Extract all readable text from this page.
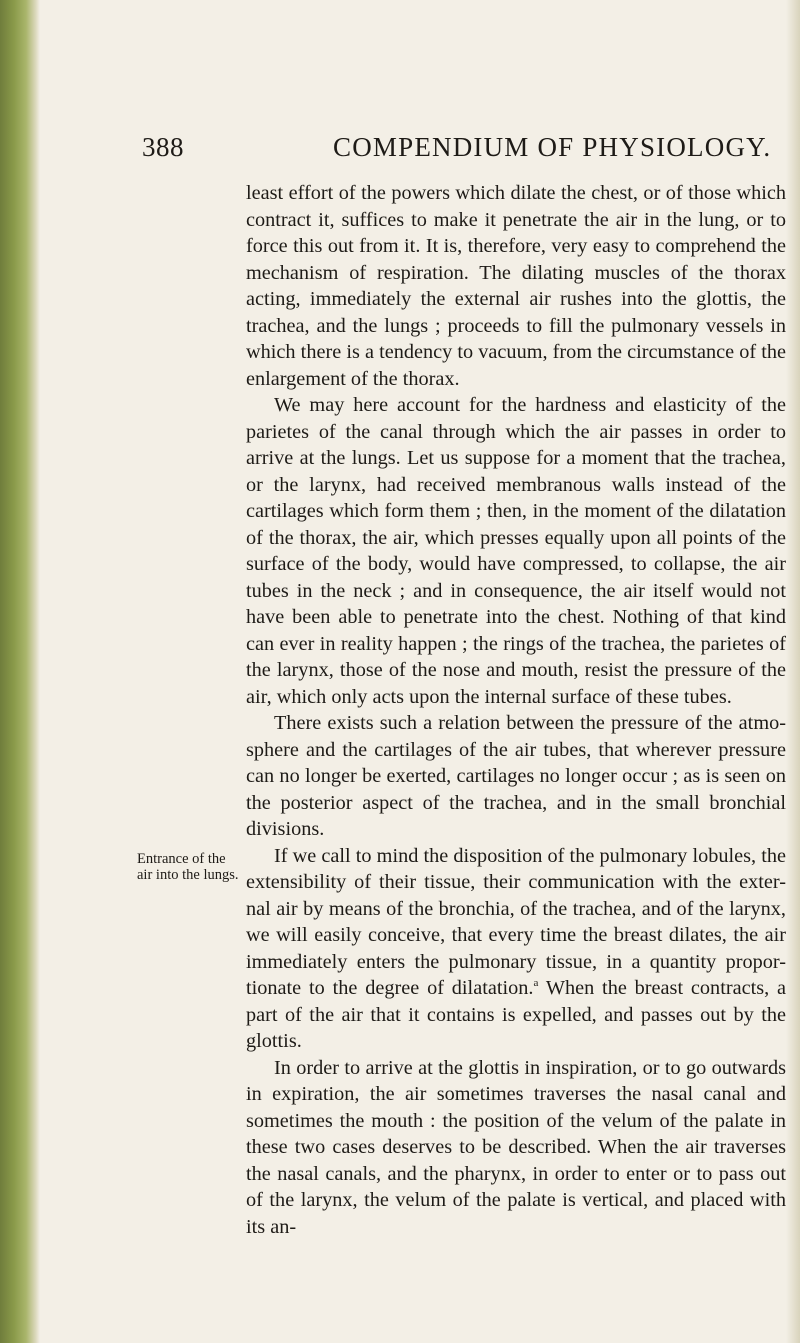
388	COMPENDIUM OF PHYSIOLOGY.
Entrance of the air into the lungs.

least effort of the powers which dilate the chest, or of those which contract it, suffices to make it penetrate the air in the lung, or to force this out from it. It is, therefore, very easy to comprehend the mechanism of respiration. The dilating muscles of the thorax acting, immediately the external air rushes into the glottis, the trachea, and the lungs ; proceeds to fill the pulmonary vessels in which there is a tendency to vacuum, from the circumstance of the enlargement of the thorax.

We may here account for the hardness and elasticity of the parietes of the canal through which the air passes in order to arrive at the lungs. Let us suppose for a moment that the trachea, or the larynx, had received membranous walls instead of the cartilages which form them ; then, in the moment of the dilatation of the thorax, the air, which presses equally upon all points of the surface of the body, would have compressed, to collapse, the air tubes in the neck ; and in consequence, the air itself would not have been able to penetrate into the chest. Nothing of that kind can ever in reality happen ; the rings of the trachea, the parietes of the larynx, those of the nose and mouth, resist the pressure of the air, which only acts upon the internal surface of these tubes.

There exists such a relation between the pressure of the atmo- sphere and the cartilages of the air tubes, that wherever pressure can no longer be exerted, cartilages no longer occur ; as is seen on the posterior aspect of the trachea, and in the small bronchial divisions.

If we call to mind the disposition of the pulmonary lobules, the extensibility of their tissue, their communication with the exter- nal air by means of the bronchia, of the trachea, and of the larynx, we will easily conceive, that every time the breast dilates, the air immediately enters the pulmonary tissue, in a quantity propor- tionate to the degree of dilatation.$^a$ When the breast contracts, a part of the air that it contains is expelled, and passes out by the glottis.

In order to arrive at the glottis in inspiration, or to go outwards in expiration, the air sometimes traverses the nasal canal and sometimes the mouth : the position of the velum of the palate in these two cases deserves to be described. When the air traverses the nasal canals, and the pharynx, in order to enter or to pass out of the larynx, the velum of the palate is vertical, and placed with its an-
